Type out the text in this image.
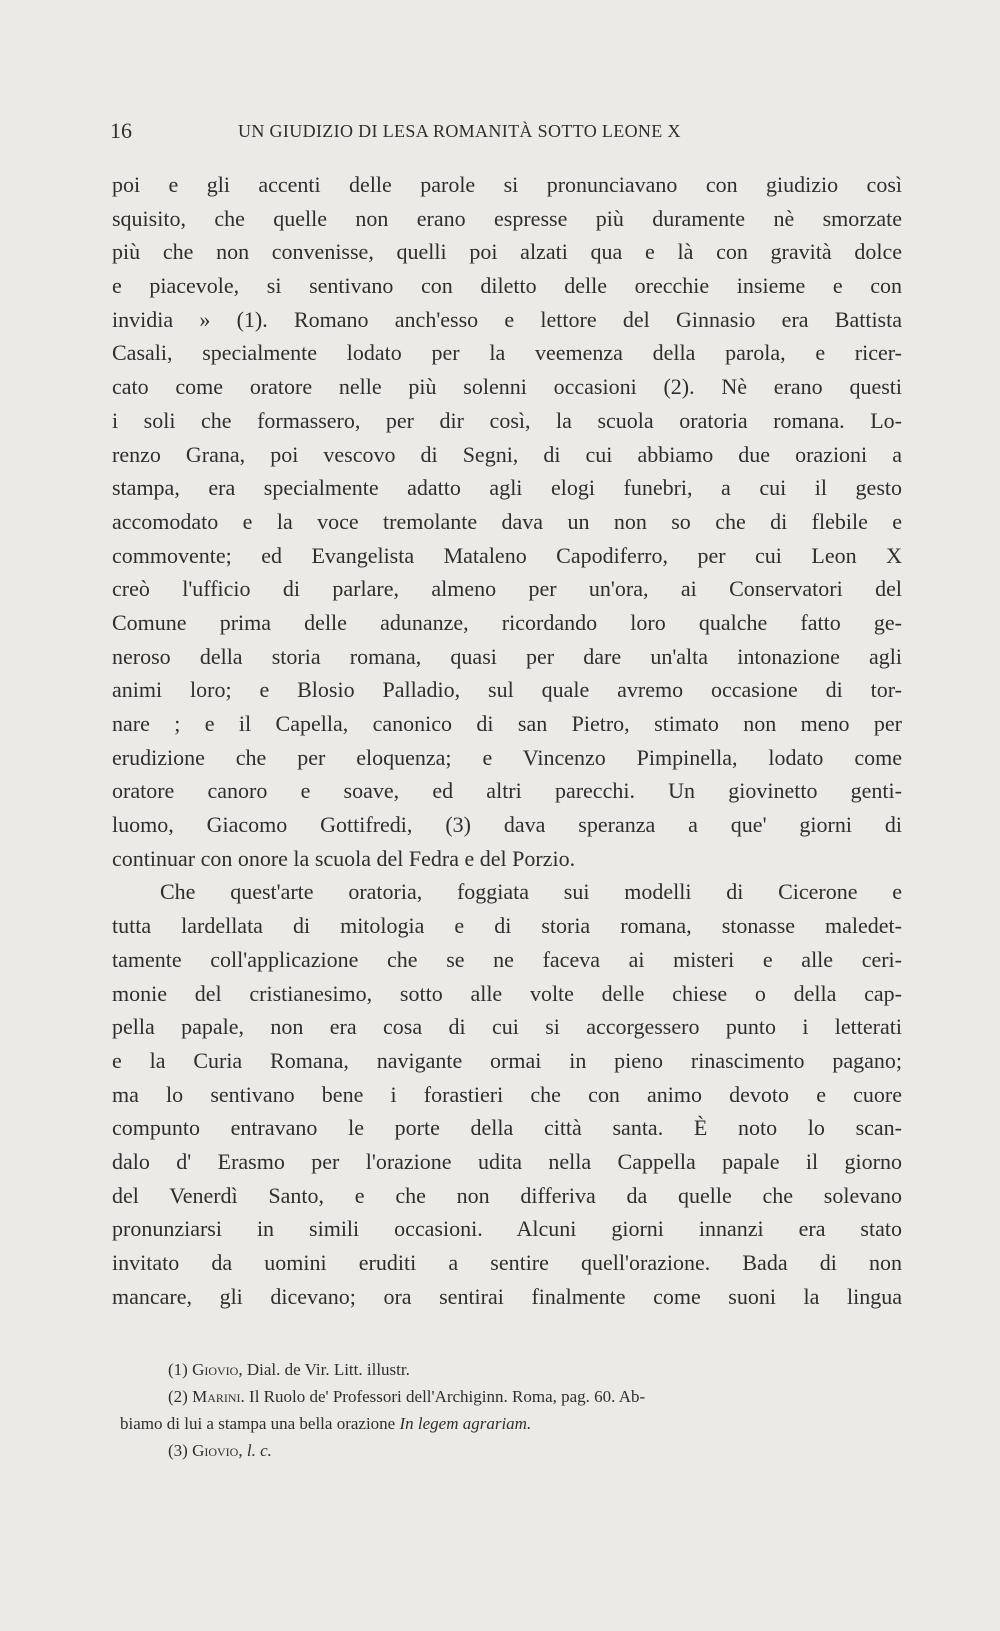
16	UN GIUDIZIO DI LESA ROMANITÀ SOTTO LEONE X
poi e gli accenti delle parole si pronunciavano con giudizio così
squisito, che quelle non erano espresse più duramente nè smorzate
più che non convenisse, quelli poi alzati qua e là con gravità dolce
e piacevole, si sentivano con diletto delle orecchie insieme e con
invidia » (1). Romano anch'esso e lettore del Ginnasio era Battista
Casali, specialmente lodato per la veemenza della parola, e ricer-
cato come oratore nelle più solenni occasioni (2). Nè erano questi
i soli che formassero, per dir così, la scuola oratoria romana. Lo-
renzo Grana, poi vescovo di Segni, di cui abbiamo due orazioni a
stampa, era specialmente adatto agli elogi funebri, a cui il gesto
accomodato e la voce tremolante dava un non so che di flebile e
commovente; ed Evangelista Mataleno Capodiferro, per cui Leon X
creò l'ufficio di parlare, almeno per un'ora, ai Conservatori del
Comune prima delle adunanze, ricordando loro qualche fatto ge-
neroso della storia romana, quasi per dare un'alta intonazione agli
animi loro; e Blosio Palladio, sul quale avremo occasione di tor-
nare ; e il Capella, canonico di san Pietro, stimato non meno per
erudizione che per eloquenza; e Vincenzo Pimpinella, lodato come
oratore canoro e soave, ed altri parecchi. Un giovinetto genti-
luomo, Giacomo Gottifredi, (3) dava speranza a que' giorni di
continuar con onore la scuola del Fedra e del Porzio.
Che quest'arte oratoria, foggiata sui modelli di Cicerone e
tutta lardellata di mitologia e di storia romana, stonasse maledet-
tamente coll'applicazione che se ne faceva ai misteri e alle ceri-
monie del cristianesimo, sotto alle volte delle chiese o della cap-
pella papale, non era cosa di cui si accorgessero punto i letterati
e la Curia Romana, navigante ormai in pieno rinascimento pagano;
ma lo sentivano bene i forastieri che con animo devoto e cuore
compunto entravano le porte della città santa. È noto lo scan-
dalo d' Erasmo per l'orazione udita nella Cappella papale il giorno
del Venerdì Santo, e che non differiva da quelle che solevano
pronunziarsi in simili occasioni. Alcuni giorni innanzi era stato
invitato da uomini eruditi a sentire quell'orazione. Bada di non
mancare, gli dicevano; ora sentirai finalmente come suoni la lingua
(1) Giovio, Dial. de Vir. Litt. illustr.
(2) Marini. Il Ruolo de' Professori dell'Archiginn. Roma, pag. 60. Ab-
biamo di lui a stampa una bella orazione In legem agrariam.
(3) Giovio, l. c.
